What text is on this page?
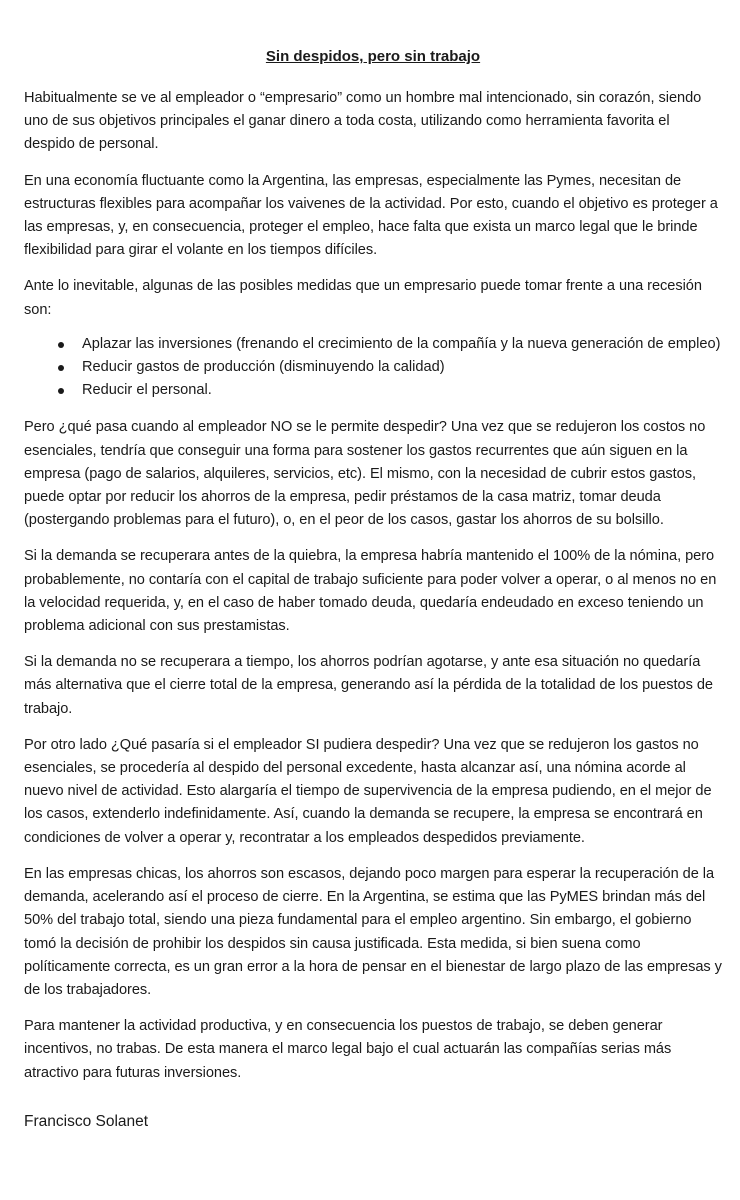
Sin despidos, pero sin trabajo

Habitualmente se ve al empleador o “empresario” como un hombre mal intencionado, sin corazón, siendo uno de sus objetivos principales el ganar dinero a toda costa, utilizando como herramienta favorita el despido de personal.

En una economía fluctuante como la Argentina, las empresas, especialmente las Pymes, necesitan de estructuras flexibles para acompañar los vaivenes de la actividad. Por esto, cuando el objetivo es proteger a las empresas, y, en consecuencia, proteger el empleo, hace falta que exista un marco legal que le brinde flexibilidad para girar el volante en los tiempos difíciles.

Ante lo inevitable, algunas de las posibles medidas que un empresario puede tomar frente a una recesión son:

Aplazar las inversiones (frenando el crecimiento de la compañía y la nueva generación de empleo)
Reducir gastos de producción (disminuyendo la calidad)
Reducir el personal.

Pero ¿qué pasa cuando al empleador NO se le permite despedir? Una vez que se redujeron los costos no esenciales, tendría que conseguir una forma para sostener los gastos recurrentes que aún siguen en la empresa (pago de salarios, alquileres, servicios, etc). El mismo, con la necesidad de cubrir estos gastos, puede optar por reducir los ahorros de la empresa, pedir préstamos de la casa matriz, tomar deuda (postergando problemas para el futuro), o, en el peor de los casos, gastar los ahorros de su bolsillo.

Si la demanda se recuperara antes de la quiebra, la empresa habría mantenido el 100% de la nómina, pero probablemente, no contaría con el capital de trabajo suficiente para poder volver a operar, o al menos no en la velocidad requerida, y, en el caso de haber tomado deuda, quedaría endeudado en exceso teniendo un problema adicional con sus prestamistas.

Si la demanda no se recuperara a tiempo, los ahorros podrían agotarse, y ante esa situación no quedaría más alternativa que el cierre total de la empresa, generando así la pérdida de la totalidad de los puestos de trabajo.

Por otro lado ¿Qué pasaría si el empleador SI pudiera despedir? Una vez que se redujeron los gastos no esenciales, se procedería al despido del personal excedente, hasta alcanzar así, una nómina acorde al nuevo nivel de actividad. Esto alargaría el tiempo de supervivencia de la empresa pudiendo, en el mejor de los casos, extenderlo indefinidamente. Así, cuando la demanda se recupere, la empresa se encontrará en condiciones de volver a operar y, recontratar a los empleados despedidos previamente.

En las empresas chicas, los ahorros son escasos, dejando poco margen para esperar la recuperación de la demanda, acelerando así el proceso de cierre. En la Argentina, se estima que las PyMES brindan más del 50% del trabajo total, siendo una pieza fundamental para el empleo argentino. Sin embargo, el gobierno tomó la decisión de prohibir los despidos sin causa justificada. Esta medida, si bien suena como políticamente correcta, es un gran error a la hora de pensar en el bienestar de largo plazo de las empresas y de los trabajadores.

Para mantener la actividad productiva, y en consecuencia los puestos de trabajo, se deben generar incentivos, no trabas. De esta manera el marco legal bajo el cual actuarán las compañías serias más atractivo para futuras inversiones.

Francisco Solanet
